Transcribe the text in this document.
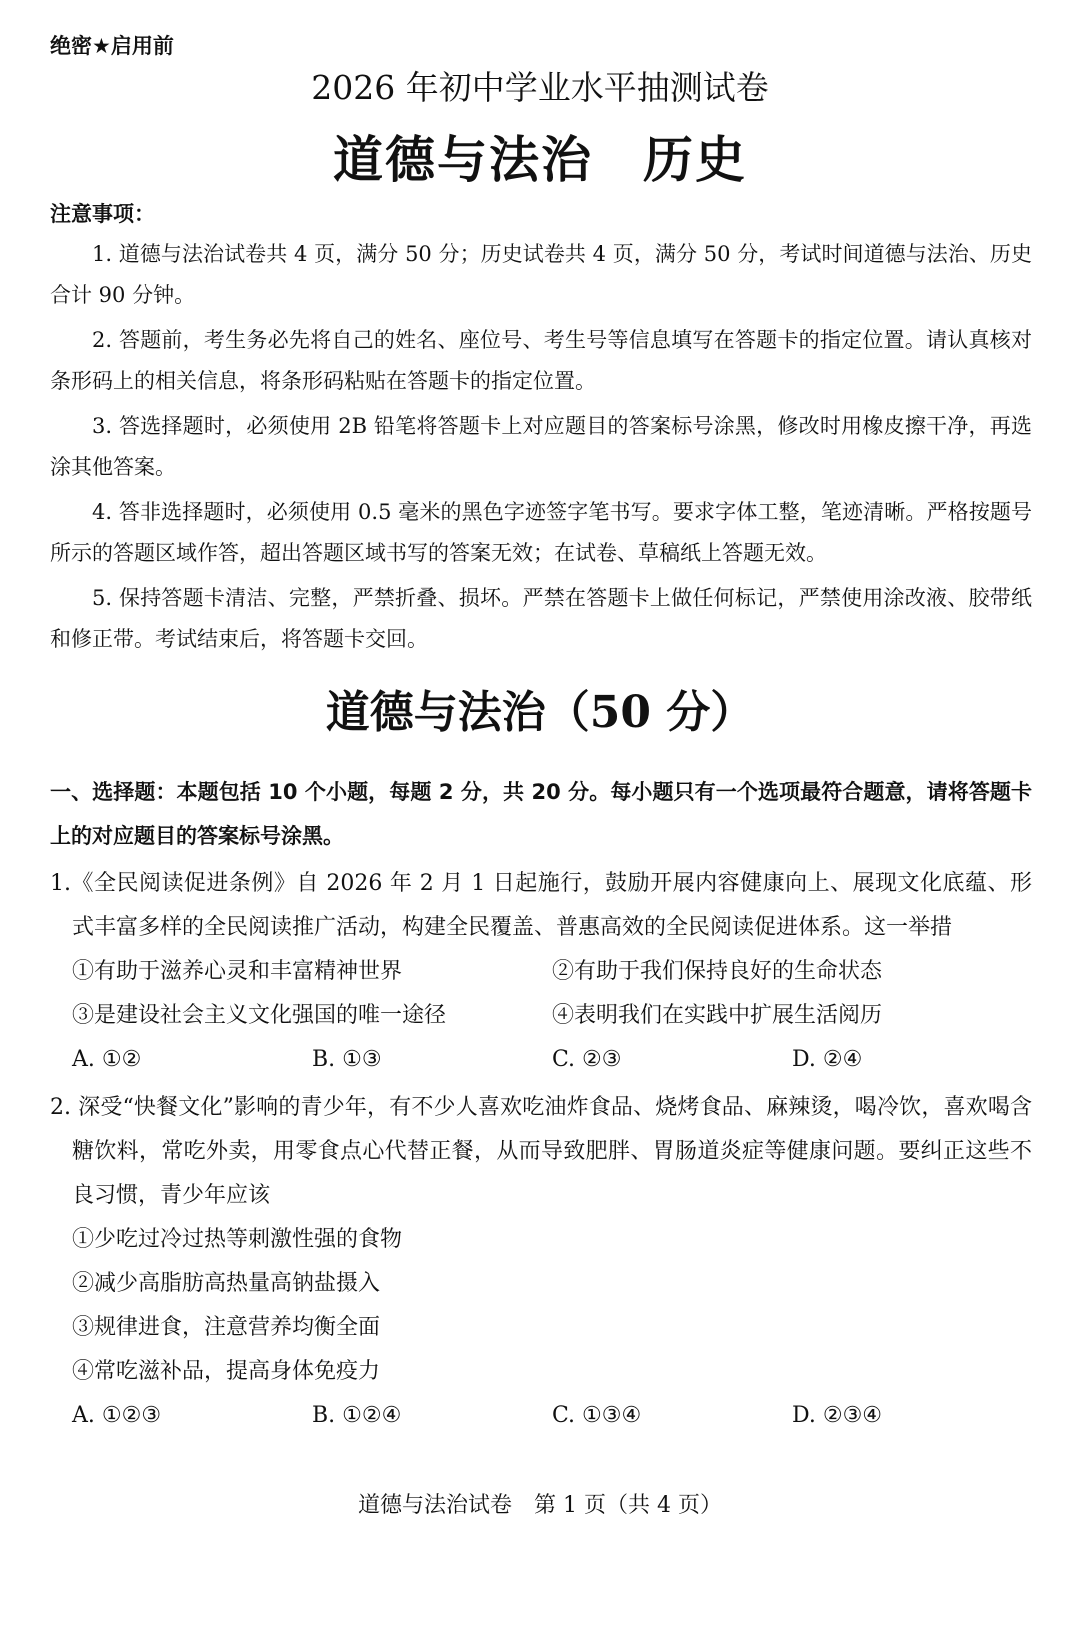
绝密★启用前
2026 年初中学业水平抽测试卷
道德与法治 历史
注意事项：

1. 道德与法治试卷共 4 页，满分 50 分；历史试卷共 4 页，满分 50 分，考试时间道德与法治、历史合计 90 分钟。

2. 答题前，考生务必先将自己的姓名、座位号、考生号等信息填写在答题卡的指定位置。请认真核对条形码上的相关信息，将条形码粘贴在答题卡的指定位置。

3. 答选择题时，必须使用 2B 铅笔将答题卡上对应题目的答案标号涂黑，修改时用橡皮擦干净，再选涂其他答案。

4. 答非选择题时，必须使用 0.5 毫米的黑色字迹签字笔书写。要求字体工整，笔迹清晰。严格按题号所示的答题区域作答，超出答题区域书写的答案无效；在试卷、草稿纸上答题无效。

5. 保持答题卡清洁、完整，严禁折叠、损坏。严禁在答题卡上做任何标记，严禁使用涂改液、胶带纸和修正带。考试结束后，将答题卡交回。

道德与法治（50 分）
一、选择题：本题包括 10 个小题，每题 2 分，共 20 分。每小题只有一个选项最符合题意，请将答题卡上的对应题目的答案标号涂黑。
1.《全民阅读促进条例》自 2026 年 2 月 1 日起施行，鼓励开展内容健康向上、展现文化底蕴、形式丰富多样的全民阅读推广活动，构建全民覆盖、普惠高效的全民阅读促进体系。这一举措
①有助于滋养心灵和丰富精神世界	②有助于我们保持良好的生命状态
③是建设社会主义文化强国的唯一途径	④表明我们在实践中扩展生活阅历
A. ①②	B. ①③	C. ②③	D. ②④
2. 深受“快餐文化”影响的青少年，有不少人喜欢吃油炸食品、烧烤食品、麻辣烫，喝冷饮，喜欢喝含糖饮料，常吃外卖，用零食点心代替正餐，从而导致肥胖、胃肠道炎症等健康问题。要纠正这些不良习惯，青少年应该
①少吃过冷过热等刺激性强的食物
②减少高脂肪高热量高钠盐摄入
③规律进食，注意营养均衡全面
④常吃滋补品，提高身体免疫力
A. ①②③	B. ①②④	C. ①③④	D. ②③④
道德与法治试卷 第 1 页（共 4 页）
